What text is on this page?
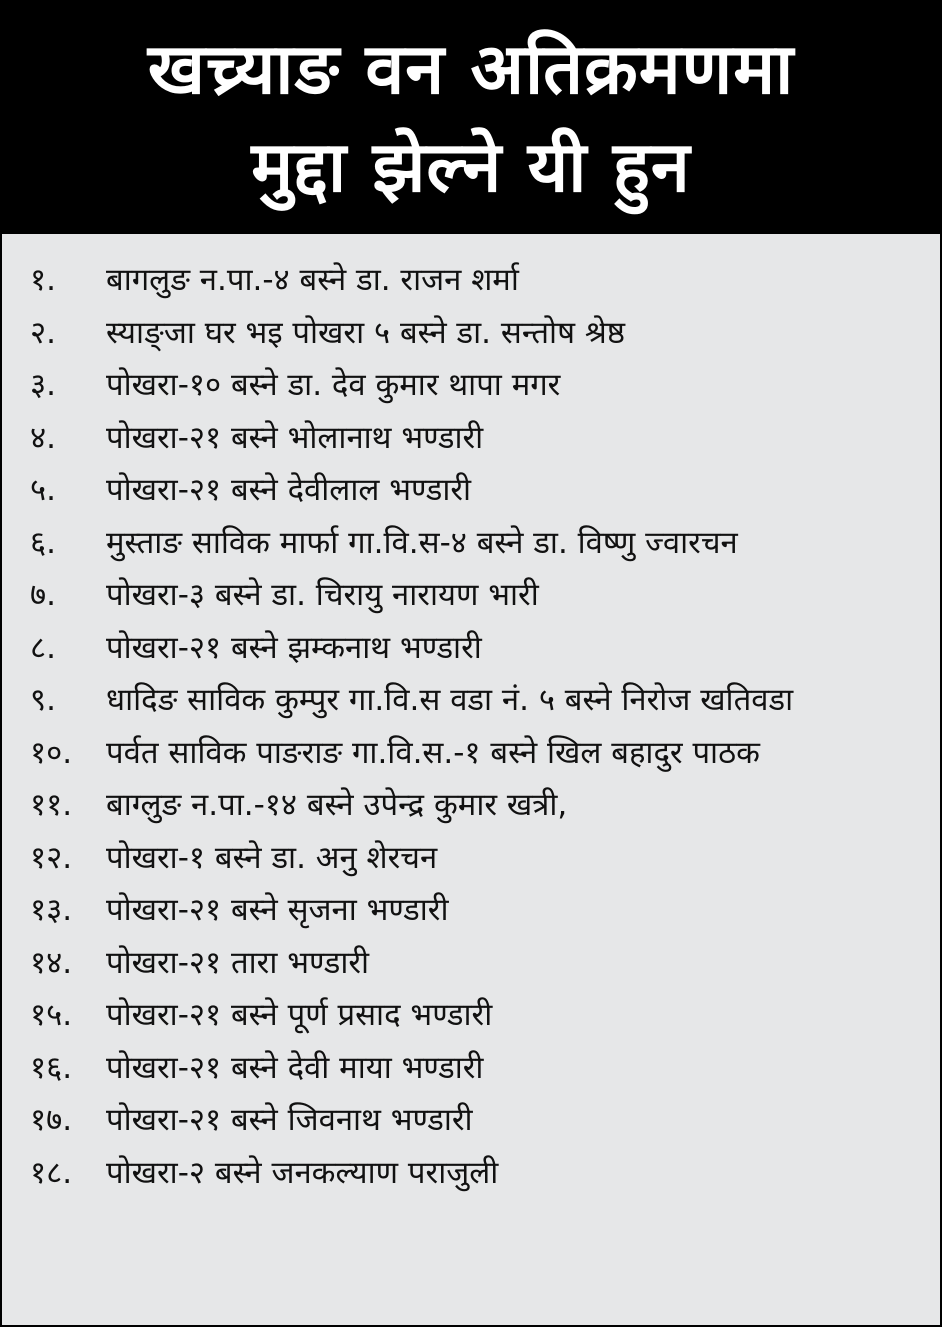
खच्र्याङ वन अतिक्रमणमा
मुद्दा झेल्ने यी हुन
१. बागलुङ न.पा.-४ बस्ने डा. राजन शर्मा
२. स्याङ्जा घर भइ पोखरा ५ बस्ने डा. सन्तोष श्रेष्ठ
३. पोखरा-१० बस्ने डा. देव कुमार थापा मगर
४. पोखरा-२१ बस्ने भोलानाथ भण्डारी
५. पोखरा-२१ बस्ने देवीलाल भण्डारी
६. मुस्ताङ साविक मार्फा गा.वि.स-४ बस्ने डा. विष्णु ज्वारचन
७. पोखरा-३ बस्ने डा. चिरायु नारायण भारी
८. पोखरा-२१ बस्ने झम्कनाथ भण्डारी
९. धादिङ साविक कुम्पुर गा.वि.स वडा नं. ५ बस्ने निरोज खतिवडा
१०. पर्वत साविक पाङराङ गा.वि.स.-१ बस्ने खिल बहादुर पाठक
११. बाग्लुङ न.पा.-१४ बस्ने उपेन्द्र कुमार खत्री,
१२. पोखरा-१ बस्ने डा. अनु शेरचन
१३. पोखरा-२१ बस्ने सृजना भण्डारी
१४. पोखरा-२१ तारा भण्डारी
१५. पोखरा-२१ बस्ने पूर्ण प्रसाद भण्डारी
१६. पोखरा-२१ बस्ने देवी माया भण्डारी
१७. पोखरा-२१ बस्ने जिवनाथ भण्डारी
१८. पोखरा-२ बस्ने जनकल्याण पराजुली
